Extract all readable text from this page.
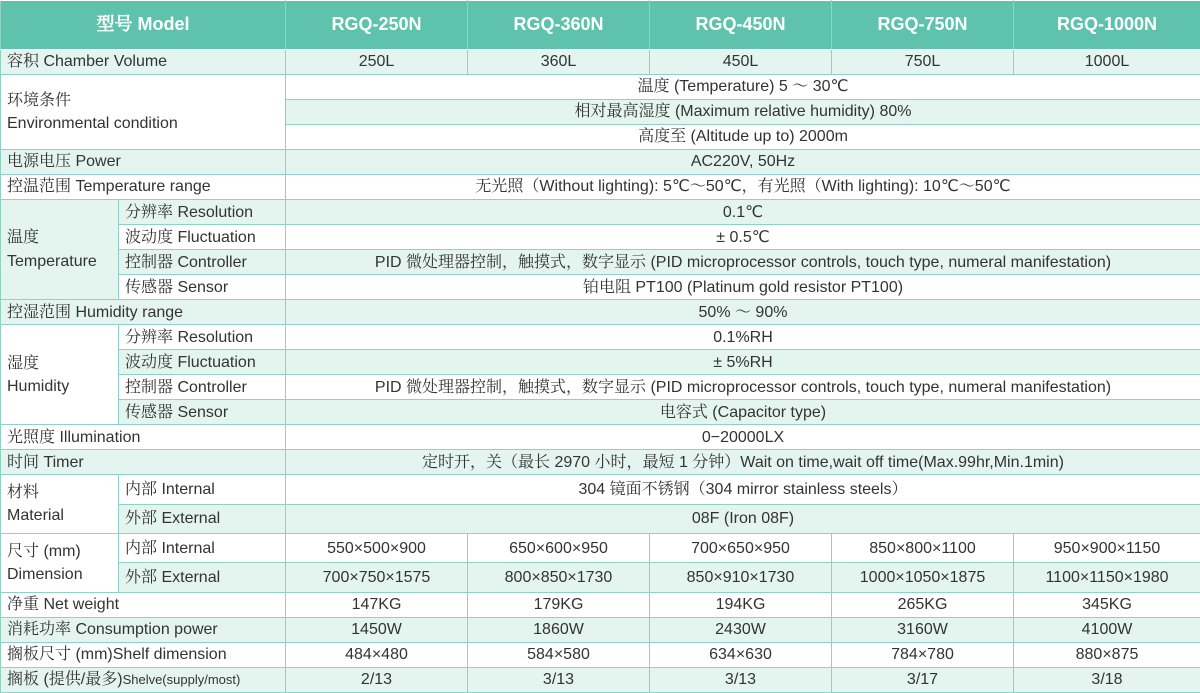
型号 Model		RGQ-250N	RGQ-360N	RGQ-450N	RGQ-750N	RGQ-1000N
容积 Chamber Volume		250L	360L	450L	750L	1000L
环境条件
Environmental condition		温度 (Temperature) 5 ～ 30℃				
		相对最高湿度 (Maximum relative humidity) 80%				
		高度至 (Altitude up to) 2000m				
电源电压 Power		AC220V, 50Hz				
控温范围 Temperature range		无光照（Without lighting): 5℃～50℃，有光照（With lighting): 10℃～50℃				
温度
Temperature	分辨率 Resolution	0.1℃				
	波动度 Fluctuation	± 0.5℃				
	控制器 Controller	PID 微处理器控制，触摸式，数字显示 (PID microprocessor controls, touch type, numeral manifestation)				
	传感器 Sensor	铂电阻 PT100 (Platinum gold resistor PT100)				
控湿范围 Humidity range		50% ～ 90%				
湿度
Humidity	分辨率 Resolution	0.1%RH				
	波动度 Fluctuation	± 5%RH				
	控制器 Controller	PID 微处理器控制，触摸式，数字显示 (PID microprocessor controls, touch type, numeral manifestation)				
	传感器 Sensor	电容式 (Capacitor type)				
光照度 Illumination		0−20000LX				
时间 Timer		定时开，关（最长 2970 小时，最短 1 分钟）Wait on time,wait off time(Max.99hr,Min.1min)				
材料
Material	内部 Internal	304 镜面不锈钢（304 mirror stainless steels）				
	外部 External	08F (Iron 08F)				
尺寸 (mm)
Dimension	内部 Internal	550×500×900	650×600×950	700×650×950	850×800×1100	950×900×1150
	外部 External	700×750×1575	800×850×1730	850×910×1730	1000×1050×1875	1100×1150×1980
净重 Net weight		147KG	179KG	194KG	265KG	345KG
消耗功率 Consumption power		1450W	1860W	2430W	3160W	4100W
搁板尺寸 (mm)Shelf dimension		484×480	584×580	634×630	784×780	880×875
搁板 (提供/最多)Shelve(supply/most)		2/13	3/13	3/13	3/17	3/18
